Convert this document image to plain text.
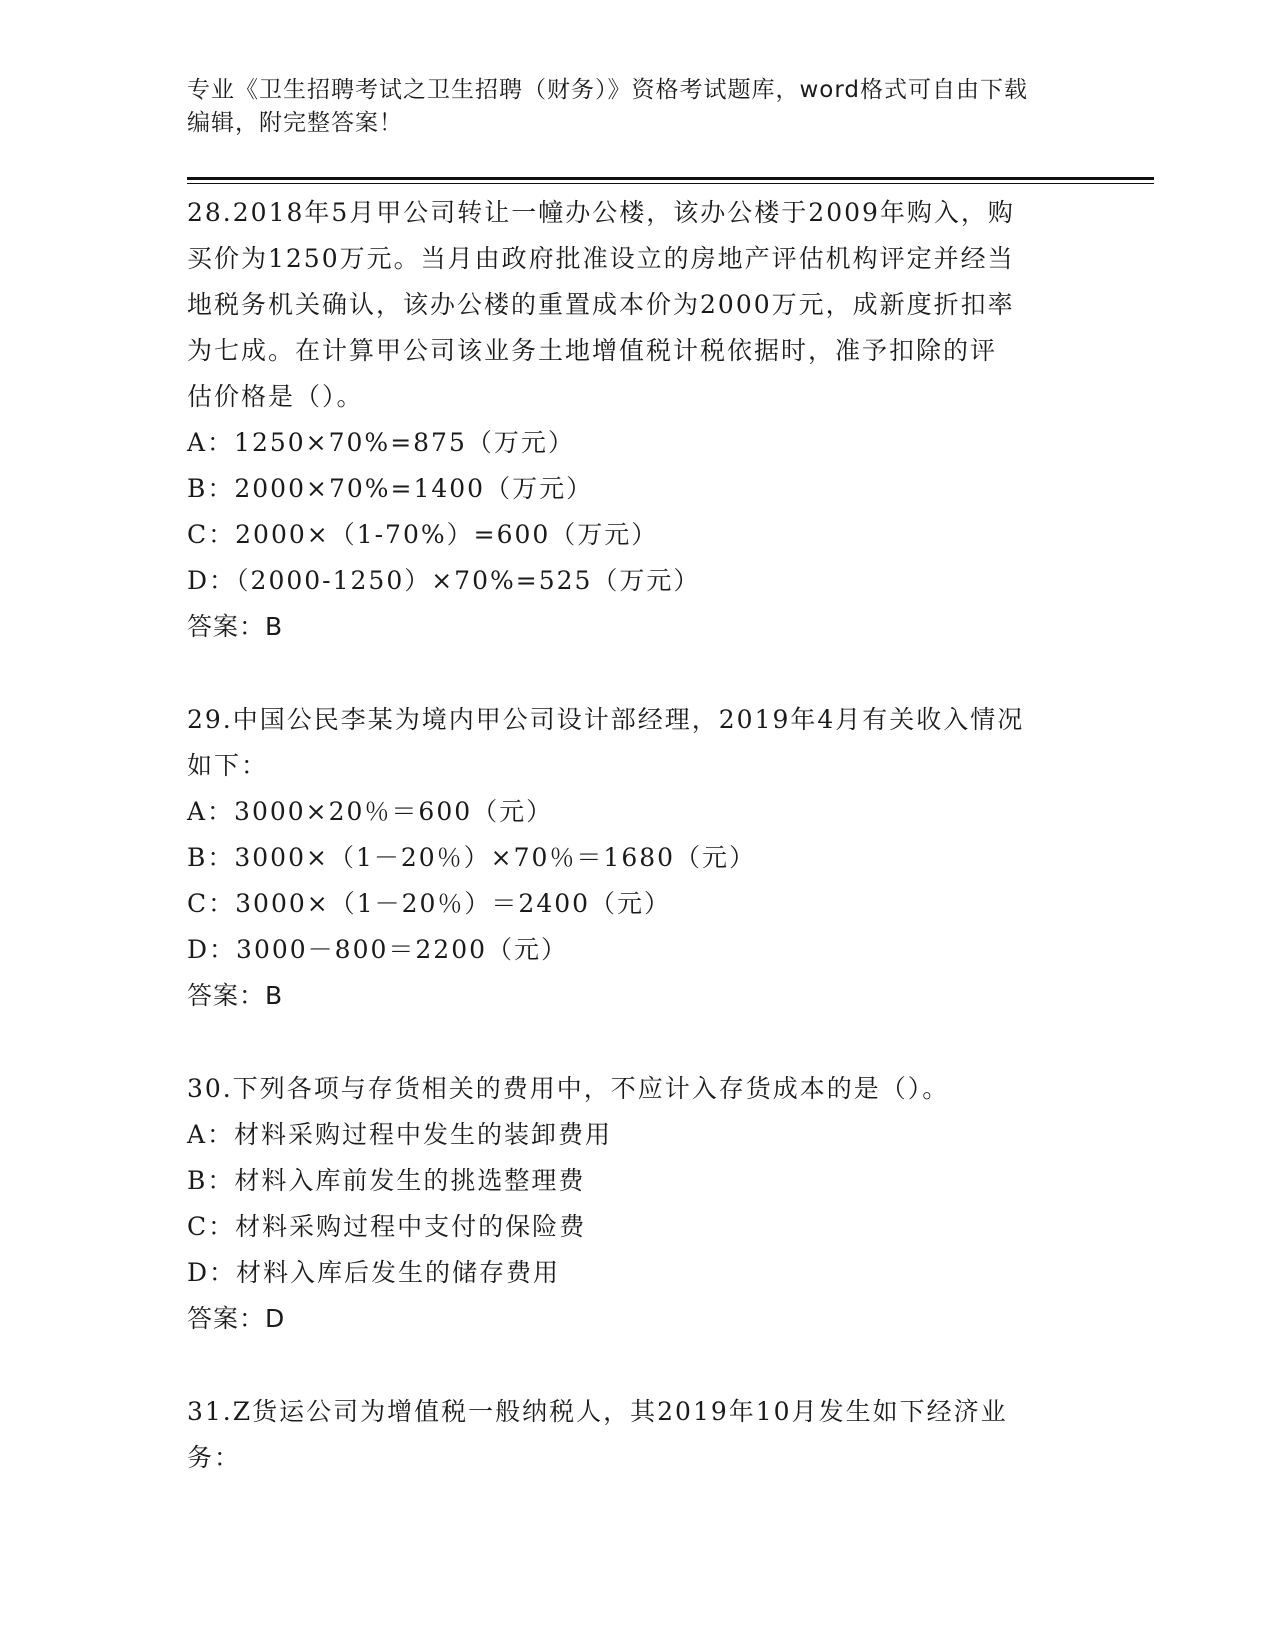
专业《卫生招聘考试之卫生招聘（财务）》资格考试题库，word格式可自由下载
编辑，附完整答案！
28.2018年5月甲公司转让一幢办公楼，该办公楼于2009年购入，购
买价为1250万元。当月由政府批准设立的房地产评估机构评定并经当
地税务机关确认，该办公楼的重置成本价为2000万元，成新度折扣率
为七成。在计算甲公司该业务土地增值税计税依据时，准予扣除的评
估价格是（）。
A：1250×70%=875（万元）
B：2000×70%=1400（万元）
C：2000×（1-70%）=600（万元）
D：（2000-1250）×70%=525（万元）
答案：B
29.中国公民李某为境内甲公司设计部经理，2019年4月有关收入情况
如下：
A：3000×20％＝600（元）
B：3000×（1－20％）×70％＝1680（元）
C：3000×（1－20％）＝2400（元）
D：3000－800＝2200（元）
答案：B
30.下列各项与存货相关的费用中，不应计入存货成本的是（）。
A：材料采购过程中发生的装卸费用
B：材料入库前发生的挑选整理费
C：材料采购过程中支付的保险费
D：材料入库后发生的储存费用
答案：D
31.Z货运公司为增值税一般纳税人，其2019年10月发生如下经济业
务：
